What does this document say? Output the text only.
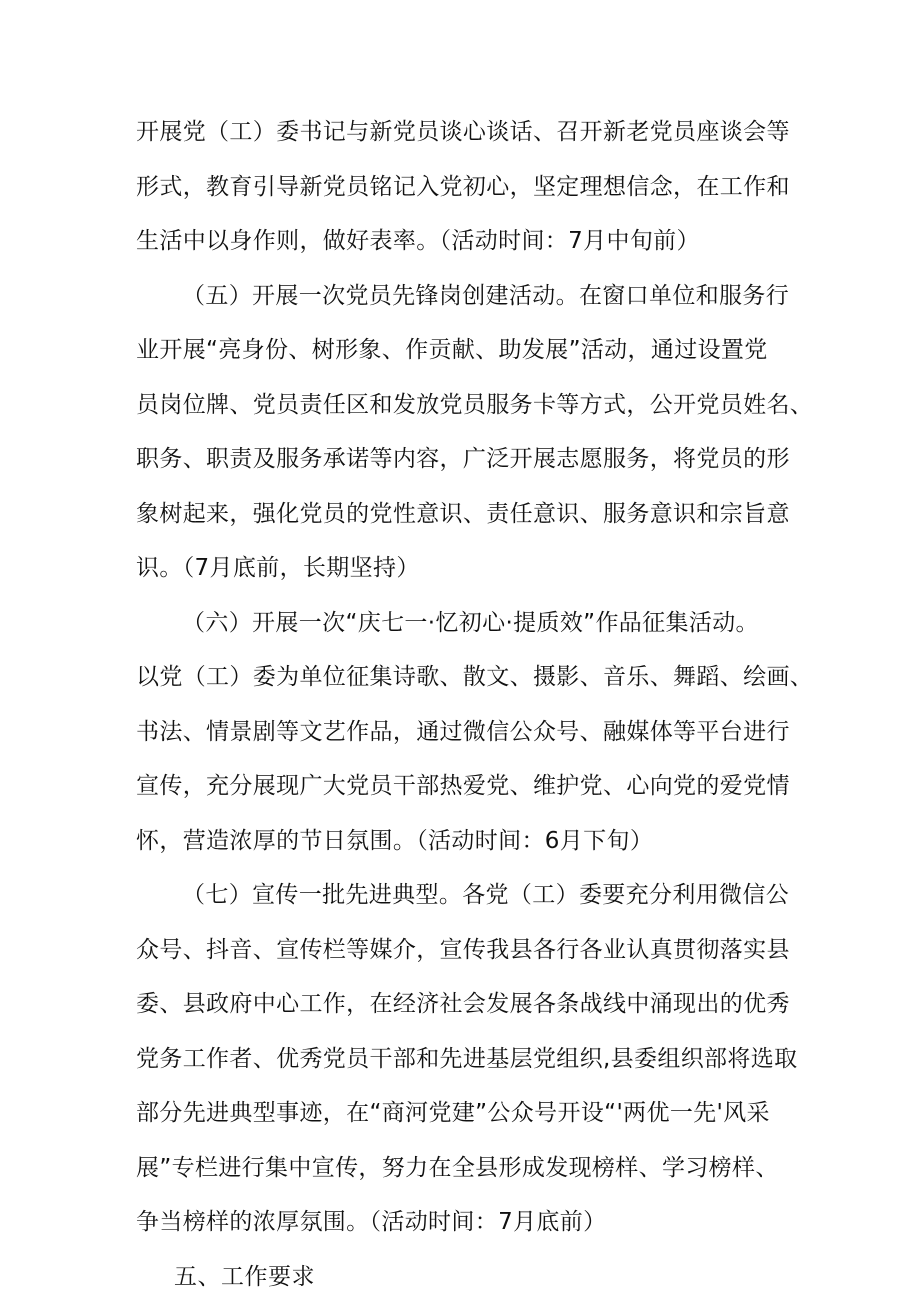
开展党（工）委书记与新党员谈心谈话、召开新老党员座谈会等
形式，教育引导新党员铭记入党初心，坚定理想信念，在工作和
生活中以身作则，做好表率。（活动时间：7月中旬前）
（五）开展一次党员先锋岗创建活动。在窗口单位和服务行
业开展“亮身份、树形象、作贡献、助发展”活动，通过设置党
员岗位牌、党员责任区和发放党员服务卡等方式，公开党员姓名、
职务、职责及服务承诺等内容，广泛开展志愿服务，将党员的形
象树起来，强化党员的党性意识、责任意识、服务意识和宗旨意
识。（7月底前，长期坚持）
（六）开展一次“庆七一·忆初心·提质效”作品征集活动。
以党（工）委为单位征集诗歌、散文、摄影、音乐、舞蹈、绘画、
书法、情景剧等文艺作品，通过微信公众号、融媒体等平台进行
宣传，充分展现广大党员干部热爱党、维护党、心向党的爱党情
怀，营造浓厚的节日氛围。（活动时间：6月下旬）
（七）宣传一批先进典型。各党（工）委要充分利用微信公
众号、抖音、宣传栏等媒介，宣传我县各行各业认真贯彻落实县
委、县政府中心工作，在经济社会发展各条战线中涌现出的优秀
党务工作者、优秀党员干部和先进基层党组织,县委组织部将选取
部分先进典型事迹，在“商河党建”公众号开设“'两优一先'风采
展”专栏进行集中宣传，努力在全县形成发现榜样、学习榜样、
争当榜样的浓厚氛围。（活动时间：7月底前）
五、工作要求
